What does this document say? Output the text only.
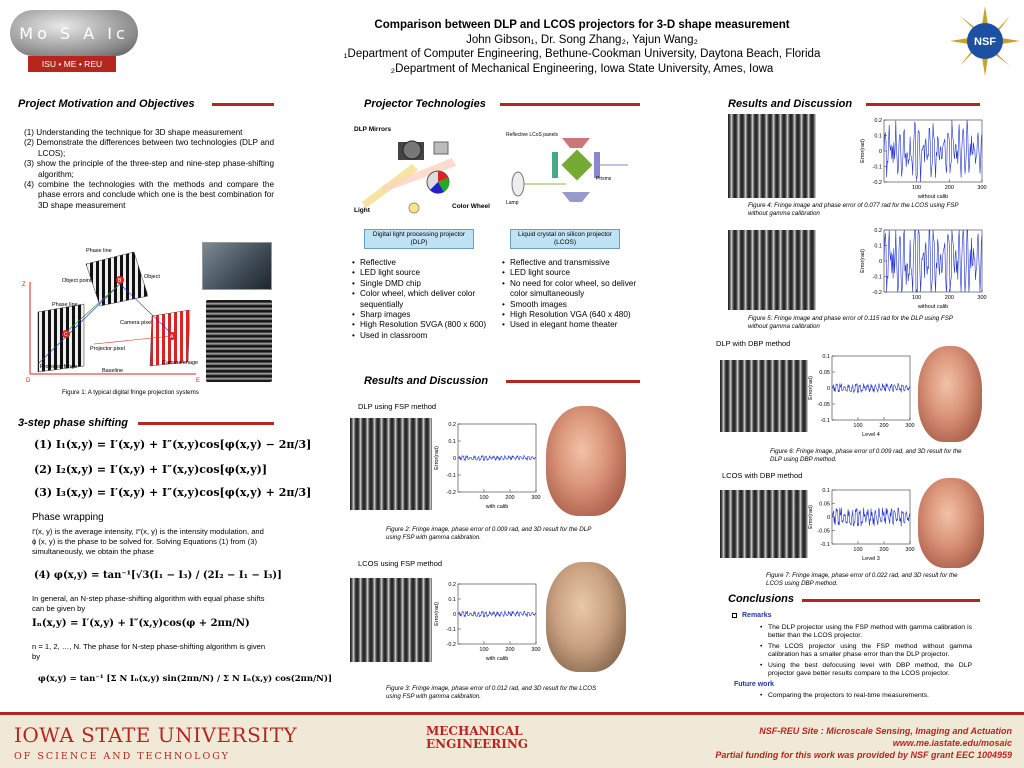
Mo S A Ic
ISU • ME • REU
Comparison between DLP and LCOS projectors for 3-D shape measurement
John Gibson₁, Dr. Song Zhang₂, Yajun Wang₂
₁Department of Computer Engineering, Bethune-Cookman University, Daytona Beach, Florida
₂Department of Mechanical Engineering, Iowa State University, Ames, Iowa
NSF
Project Motivation and Objectives
(1) Understanding the technique for 3D shape measurement
(2) Demonstrate the differences between two technologies (DLP and LCOS);
(3) show the principle of the three-step and nine-step phase-shifting algorithm;
(4) combine the technologies with the methods and compare the phase errors and conclude which one is the best combination for 3D shape measurement
Z
B
C	A
D	E
Phase line
Object
Object point
Phase line
Camera pixel
Projector pixel
Projector fringe
Baseline
Camera image
Figure 1: A typical digital fringe projection systems
3-step phase shifting
(1) I₁(x,y) = I′(x,y) + I″(x,y)cos[φ(x,y) − 2π/3]
(2) I₂(x,y) = I′(x,y) + I″(x,y)cos[φ(x,y)]
(3) I₃(x,y) = I′(x,y) + I″(x,y)cos[φ(x,y) + 2π/3]
Phase wrapping
I′(x, y) is the average intensity, I″(x, y) is the intensity modulation, and ϕ (x, y) is the phase to be solved for. Solving Equations (1) from (3) simultaneously, we obtain the phase
(4) φ(x,y) = tan⁻¹[√3(I₁ − I₃) / (2I₂ − I₁ − I₃)]
In general, an N-step phase-shifting algorithm with equal phase shifts can be given by
Iₙ(x,y) = I′(x,y) + I″(x,y)cos(φ + 2πn/N)
n = 1, 2, …, N. The phase for N-step phase-shifting algorithm is given by
φ(x,y) = tan⁻¹ [Σ N Iₙ(x,y) sin(2πn/N) / Σ N Iₙ(x,y) cos(2πn/N)]
Projector Technologies
DLP Mirrors
Light
Color Wheel
Reflective LCoS panels
Prisms
Lamp
Digital light processing projector (DLP)
Liquid crystal on silicon projector (LCOS)
• Reflective
• LED light source
• Single DMD chip
• Color wheel, which deliver color sequentially
• Sharp images
• High Resolution SVGA (800 x 600)
• Used in classroom
• Reflective and transmissive
• LED light source
• No need for color wheel, so deliver color simultaneously
• Smooth images
• High Resolution VGA (640 x 480)
• Used in elegant home theater
Results and Discussion
DLP using FSP method
-0.2
-0.1
0
0.1
0.2
100	200	300
with calib
Error(rad)
Figure 2: Fringe image, phase error of 0.009 rad, and 3D result for the DLP using FSP with gamma calibration.
LCOS using FSP method
-0.2
-0.1
0
0.1
0.2
100	200	300
with calib
Error(rad)
Figure 3: Fringe image, phase error of 0.012 rad, and 3D result for the LCOS using FSP with gamma calibration.
Results and Discussion
-0.2
-0.1
0
0.1
0.2
100	200	300
without calib
Error(rad)
Figure 4: Fringe image and phase error of 0.077 rad for the LCOS using FSP without gamma calibration
-0.2
-0.1
0
0.1
0.2
100	200	300
without calib
Error(rad)
Figure 5: Fringe image and phase error of 0.115 rad for the DLP using FSP without gamma calibration
DLP with DBP method
-0.1
-0.05
0
0.05
0.1
100	200	300
Level 4
Error(rad)
Figure 6: Fringe image, phase error of 0.009 rad, and 3D result for the DLP using DBP method.
LCOS with DBP method
-0.1
-0.05
0
0.05
0.1
100	200	300
Level 3
Error(rad)
Figure 7: Fringe image, phase error of 0.022 rad, and 3D result for the LCOS using DBP method.
Conclusions
Remarks
• The DLP projector using the FSP method with gamma calibration is better than the LCOS projector.
• The LCOS projector using the FSP method without gamma calibration has a smaller phase error than the DLP projector.
• Using the best defocusing level with DBP method, the DLP projector gave better results compare to the LCOS projector.
Future work
• Comparing the projectors to real-time measurements.
IOWA STATE UNIVERSITY
OF SCIENCE AND TECHNOLOGY
MECHANICAL
ENGINEERING
NSF-REU Site : Microscale Sensing, Imaging and Actuation
www.me.iastate.edu/mosaic
Partial funding for this work was provided by NSF grant EEC 1004959
